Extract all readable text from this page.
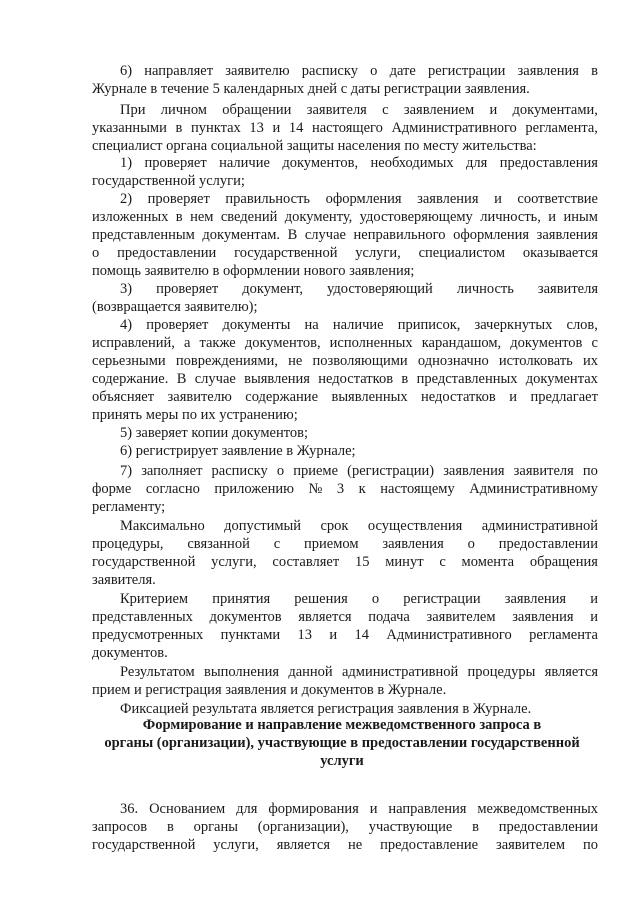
6) направляет заявителю расписку о дате регистрации заявления в
Журнале в течение 5 календарных дней с даты регистрации заявления.
При личном обращении заявителя с заявлением и документами,
указанными в пунктах 13 и 14 настоящего Административного регламента,
специалист органа социальной защиты населения по месту жительства:
1) проверяет наличие документов, необходимых для предоставления
государственной услуги;
2) проверяет правильность оформления заявления и соответствие
изложенных в нем сведений документу, удостоверяющему личность, и иным
представленным документам. В случае неправильного оформления заявления
о предоставлении государственной услуги, специалистом оказывается
помощь заявителю в оформлении нового заявления;
3) проверяет документ, удостоверяющий личность заявителя
(возвращается заявителю);
4) проверяет документы на наличие приписок, зачеркнутых слов,
исправлений, а также документов, исполненных карандашом, документов с
серьезными повреждениями, не позволяющими однозначно истолковать их
содержание. В случае выявления недостатков в представленных документах
объясняет заявителю содержание выявленных недостатков и предлагает
принять меры по их устранению;
5) заверяет копии документов;
6) регистрирует заявление в Журнале;
7) заполняет расписку о приеме (регистрации) заявления заявителя по
форме согласно приложению № 3 к настоящему Административному
регламенту;
Максимально допустимый срок осуществления административной
процедуры, связанной с приемом заявления о предоставлении
государственной услуги, составляет 15 минут с момента обращения
заявителя.
Критерием принятия решения о регистрации заявления и
представленных документов является подача заявителем заявления и
предусмотренных пунктами 13 и 14 Административного регламента
документов.
Результатом выполнения данной административной процедуры является
прием и регистрация заявления и документов в Журнале.
Фиксацией результата является регистрация заявления в Журнале.
Формирование и направление межведомственного запроса в
органы (организации), участвующие в предоставлении государственной
услуги
36. Основанием для формирования и направления межведомственных
запросов в органы (организации), участвующие в предоставлении
государственной услуги, является не предоставление заявителем по
